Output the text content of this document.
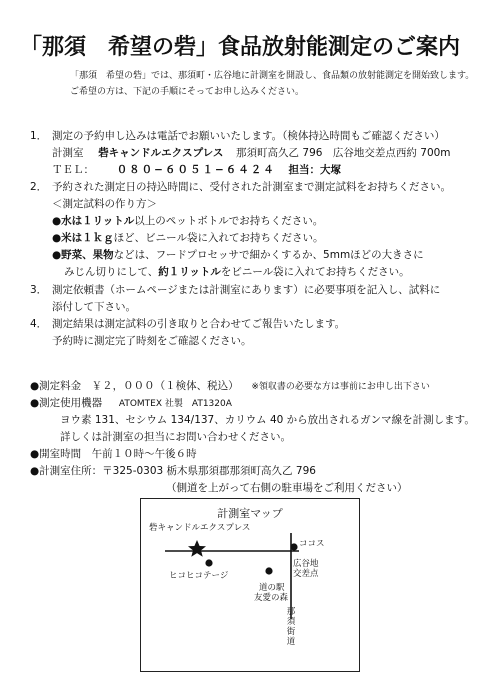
「那須　希望の砦」食品放射能測定のご案内
「那須　希望の砦」では、那須町・広谷地に計測室を開設し、食品類の放射能測定を開始致します。
ご希望の方は、下記の手順にそってお申し込みください。
1． 測定の予約申し込みは電話でお願いいたします。（検体持込時間もご確認ください）
計測室 砦キャンドルエクスプレス 那須町高久乙 796　広谷地交差点西約 700m
ＴＥＬ： ０８０−６０５１−６４２４ 担当：大塚
2． 予約された測定日の持込時間に、受付された計測室まで測定試料をお持ちください。
＜測定試料の作り方＞
●水は１リットル以上のペットボトルでお持ちください。
●米は１ｋｇほど、ビニール袋に入れてお持ちください。
●野菜、果物などは、フードプロセッサで細かくするか、5mmほどの大きさに
みじん切りにして、約１リットルをビニール袋に入れてお持ちください。
3． 測定依頼書（ホームページまたは計測室にあります）に必要事項を記入し、試料に
添付して下さい。
4． 測定結果は測定試料の引き取りと合わせてご報告いたします。
予約時に測定完了時刻をご確認ください。
●測定料金　￥２，０００（１検体、税込） ※領収書の必要な方は事前にお申し出下さい
●測定使用機器 ATOMTEX 社製　AT1320A
ヨウ素 131、セシウム 134/137、カリウム 40 から放出されるガンマ線を計測します。
詳しくは計測室の担当にお問い合わせください。
●開室時間　午前１０時〜午後６時
●計測室住所：〒325-0303 栃木県那須郡那須町高久乙 796
（側道を上がって右側の駐車場をご利用ください）
計測室マップ
砦キャンドルエクスプレス
ココス
ヒコヒコテージ
広谷地
交差点
道の駅
友愛の森
那須街道
